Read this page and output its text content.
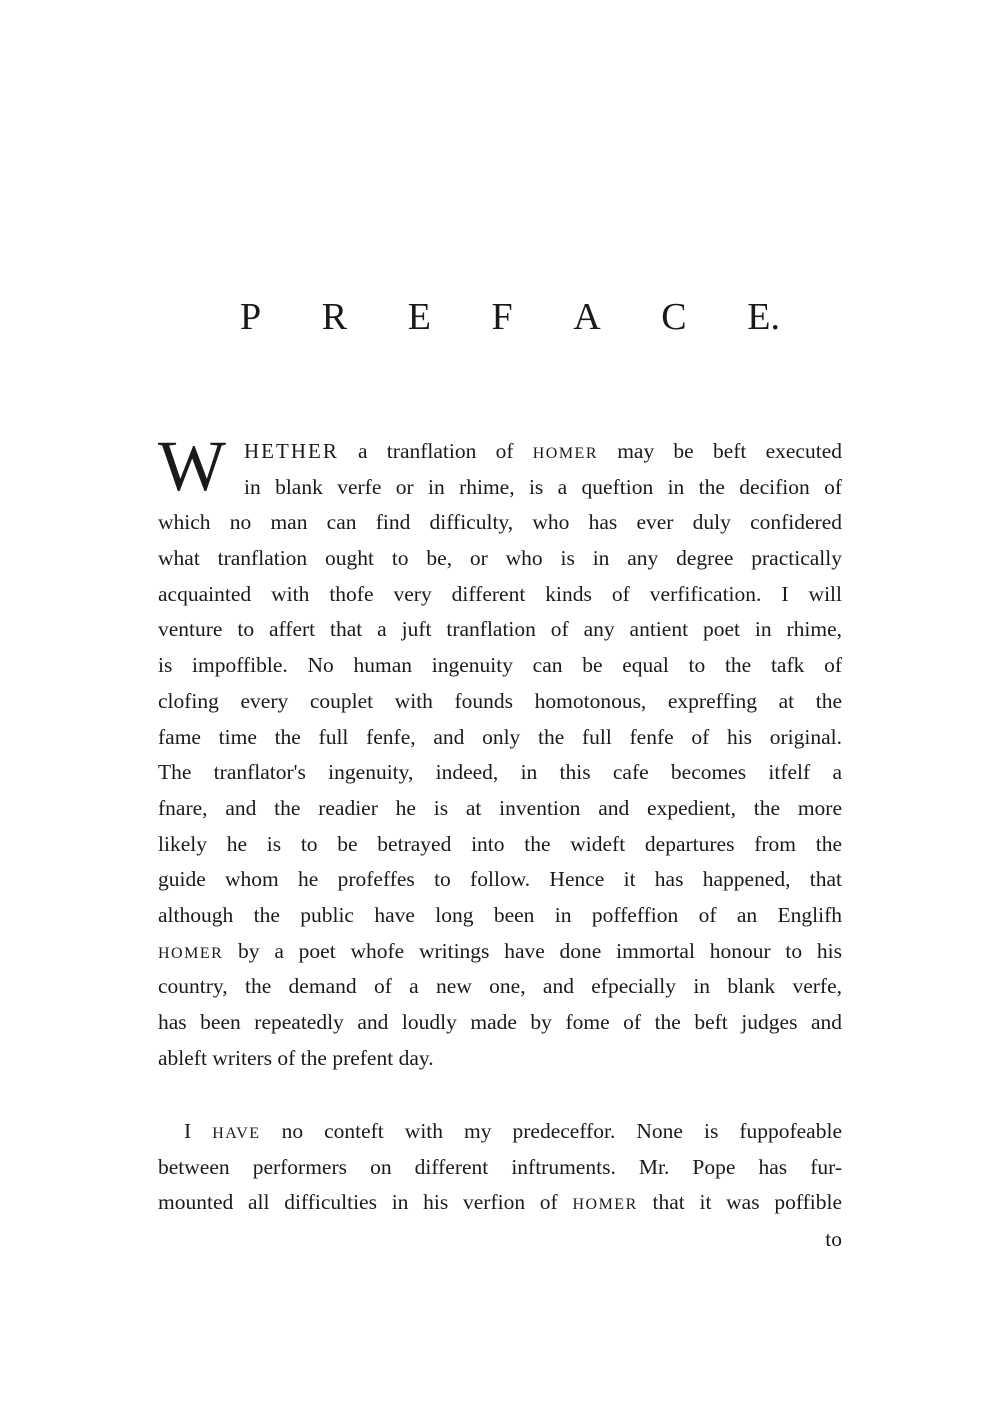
P R E F A C E.
W HETHER a tranflation of HOMER may be beft executed
in blank verfe or in rhime, is a queftion in the decifion of
which no man can find difficulty, who has ever duly confidered
what tranflation ought to be, or who is in any degree practically
acquainted with thofe very different kinds of verfification. I will
venture to affert that a juft tranflation of any antient poet in rhime,
is impoffible. No human ingenuity can be equal to the tafk of
clofing every couplet with founds homotonous, expreffing at the
fame time the full fenfe, and only the full fenfe of his original.
The tranflator's ingenuity, indeed, in this cafe becomes itfelf a
fnare, and the readier he is at invention and expedient, the more
likely he is to be betrayed into the wideft departures from the
guide whom he profeffes to follow. Hence it has happened, that
although the public have long been in poffeffion of an Englifh
HOMER by a poet whofe writings have done immortal honour to his
country, the demand of a new one, and efpecially in blank verfe,
has been repeatedly and loudly made by fome of the beft judges and
ableft writers of the prefent day.
I HAVE no conteft with my predeceffor. None is fuppofeable
between performers on different inftruments. Mr. Pope has fur-
mounted all difficulties in his verfion of HOMER that it was poffible
to
